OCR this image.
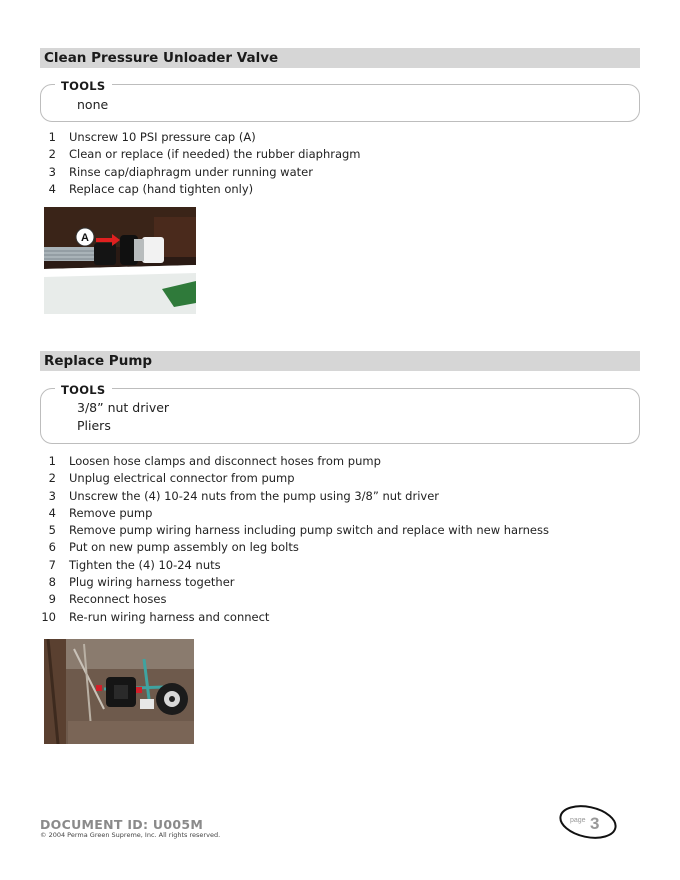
Clean Pressure Unloader Valve
TOOLS
none
1 Unscrew 10 PSI pressure cap (A)
2 Clean or replace (if needed) the rubber diaphragm
3 Rinse cap/diaphragm under running water
4 Replace cap (hand tighten only)
A
Replace Pump
TOOLS
3/8” nut driver
Pliers
1 Loosen hose clamps and disconnect hoses from pump
2 Unplug electrical connector from pump
3 Unscrew the (4) 10-24 nuts from the pump using 3/8” nut driver
4 Remove pump
5 Remove pump wiring harness including pump switch and replace with new harness
6 Put on new pump assembly on leg bolts
7 Tighten the (4) 10-24 nuts
8 Plug wiring harness together
9 Reconnect hoses
10 Re-run wiring harness and connect
DOCUMENT ID: U005M
© 2004 Perma Green Supreme, Inc. All rights reserved.
page 3
